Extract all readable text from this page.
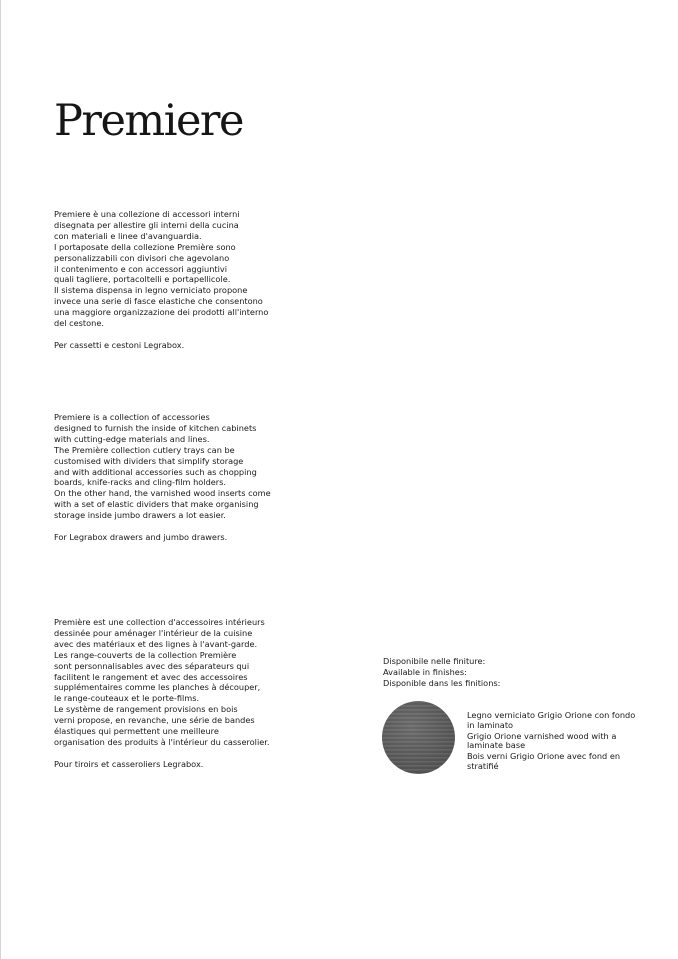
Premiere

Premiere è una collezione di accessori interni
disegnata per allestire gli interni della cucina
con materiali e linee d'avanguardia.
I portaposate della collezione Première sono
personalizzabili con divisori che agevolano
il contenimento e con accessori aggiuntivi
quali taglierе, portacoltelli e portapellicole.
Il sistema dispensa in legno verniciato propone
invece una serie di fasce elastiche che consentono
una maggiore organizzazione dei prodotti all'interno
del cestone.

Per cassetti e cestoni Legrabox.

Premiere is a collection of accessories
designed to furnish the inside of kitchen cabinets
with cutting-edge materials and lines.
The Première collection cutlery trays can be
customised with dividers that simplify storage
and with additional accessories such as chopping
boards, knife-racks and cling-film holders.
On the other hand, the varnished wood inserts come
with a set of elastic dividers that make organising
storage inside jumbo drawers a lot easier.

For Legrabox drawers and jumbo drawers.

Première est une collection d'accessoires intérieurs
dessinée pour aménager l'intérieur de la cuisine
avec des matériaux et des lignes à l'avant-garde.
Les range-couverts de la collection Première
sont personnalisables avec des séparateurs qui
facilitent le rangement et avec des accessoires
supplémentaires comme les planches à découper,
le range-couteaux et le porte-films.
Le système de rangement provisions en bois
verni propose, en revanche, une série de bandes
élastiques qui permettent une meilleure
organisation des produits à l'intérieur du casserolier.

Pour tiroirs et casseroliers Legrabox.

Disponibile nelle finiture:

Available in finishes:

Disponible dans les finitions:

Legno verniciato Grigio Orione con fondo in laminato

Grigio Orione varnished wood with a laminate base

Bois verni Grigio Orione avec fond en stratifié
